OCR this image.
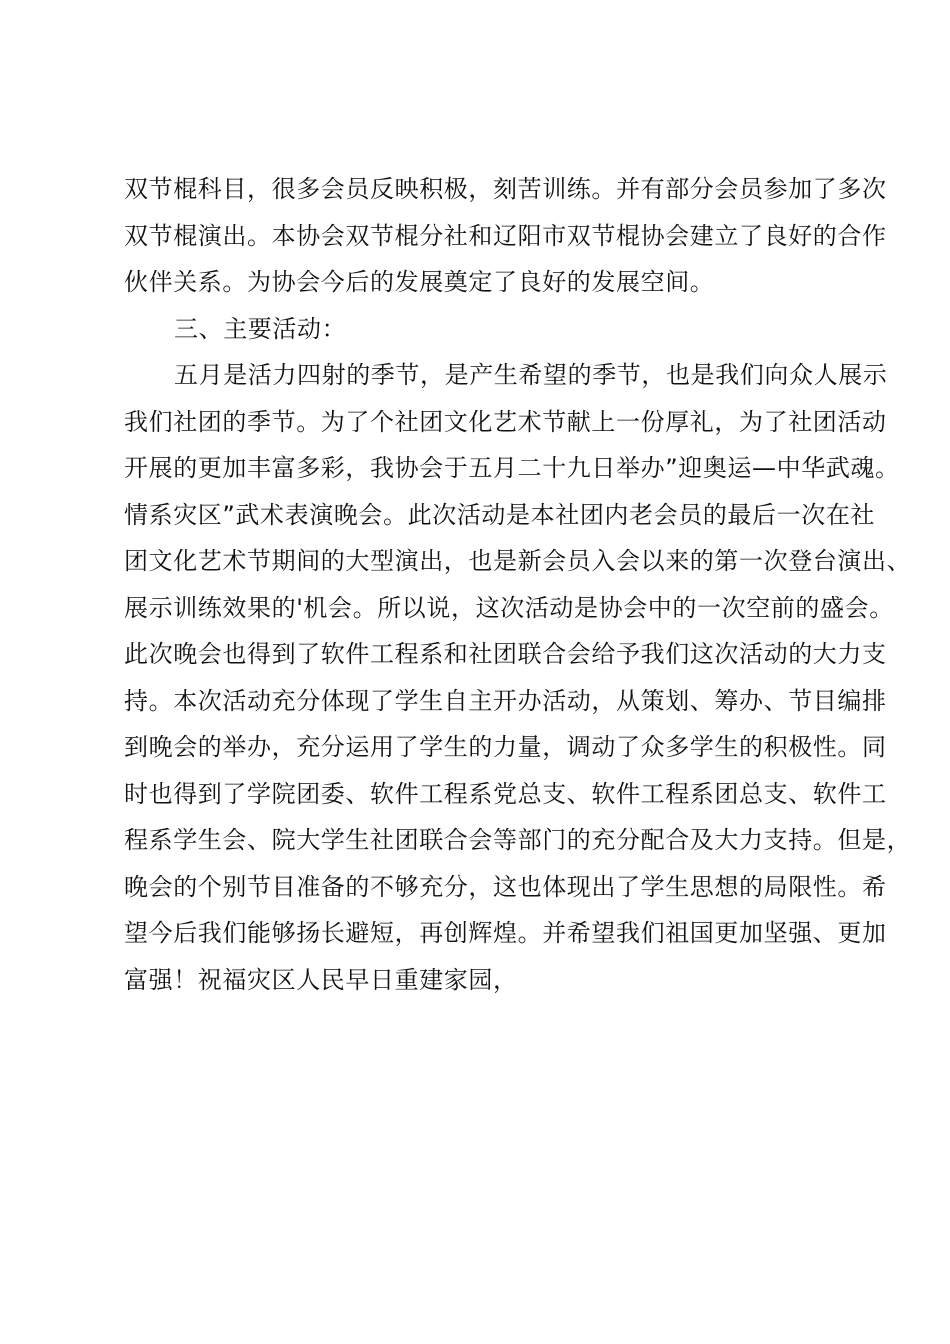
双节棍科目，很多会员反映积极，刻苦训练。并有部分会员参加了多次
双节棍演出。本协会双节棍分社和辽阳市双节棍协会建立了良好的合作
伙伴关系。为协会今后的发展奠定了良好的发展空间。
三、主要活动：
五月是活力四射的季节，是产生希望的季节，也是我们向众人展示
我们社团的季节。为了个社团文化艺术节献上一份厚礼，为了社团活动
开展的更加丰富多彩，我协会于五月二十九日举办”迎奥运—中华武魂。
情系灾区”武术表演晚会。此次活动是本社团内老会员的最后一次在社
团文化艺术节期间的大型演出，也是新会员入会以来的第一次登台演出、
展示训练效果的'机会。所以说，这次活动是协会中的一次空前的盛会。
此次晚会也得到了软件工程系和社团联合会给予我们这次活动的大力支
持。本次活动充分体现了学生自主开办活动，从策划、筹办、节目编排
到晚会的举办，充分运用了学生的力量，调动了众多学生的积极性。同
时也得到了学院团委、软件工程系党总支、软件工程系团总支、软件工
程系学生会、院大学生社团联合会等部门的充分配合及大力支持。但是，
晚会的个别节目准备的不够充分，这也体现出了学生思想的局限性。希
望今后我们能够扬长避短，再创辉煌。并希望我们祖国更加坚强、更加
富强！祝福灾区人民早日重建家园，
